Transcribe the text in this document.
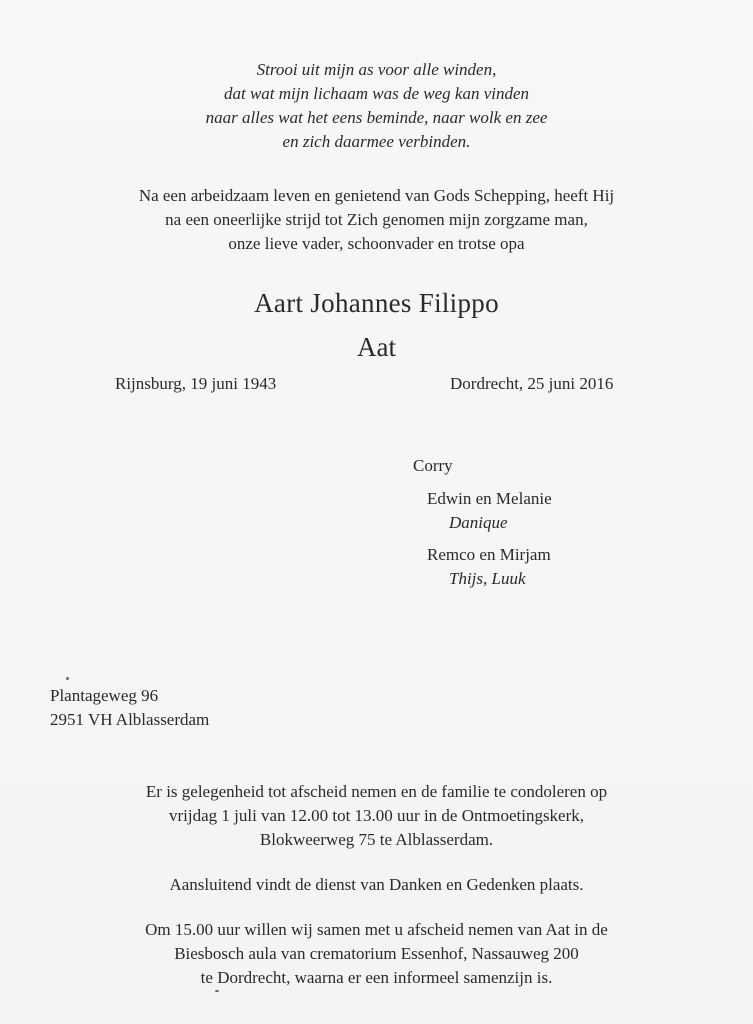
Strooi uit mijn as voor alle winden,
dat wat mijn lichaam was de weg kan vinden
naar alles wat het eens beminde, naar wolk en zee
en zich daarmee verbinden.
Na een arbeidzaam leven en genietend van Gods Schepping, heeft Hij
na een oneerlijke strijd tot Zich genomen mijn zorgzame man,
onze lieve vader, schoonvader en trotse opa
Aart Johannes Filippo
Aat
Rijnsburg, 19 juni 1943	Dordrecht, 25 juni 2016
Corry
Edwin en Melanie
Danique
Remco en Mirjam
Thijs, Luuk
Plantageweg 96
2951 VH Alblasserdam
Er is gelegenheid tot afscheid nemen en de familie te condoleren op
vrijdag 1 juli van 12.00 tot 13.00 uur in de Ontmoetingskerk,
Blokweerweg 75 te Alblasserdam.
Aansluitend vindt de dienst van Danken en Gedenken plaats.
Om 15.00 uur willen wij samen met u afscheid nemen van Aat in de
Biesbosch aula van crematorium Essenhof, Nassauweg 200
te Dordrecht, waarna er een informeel samenzijn is.
